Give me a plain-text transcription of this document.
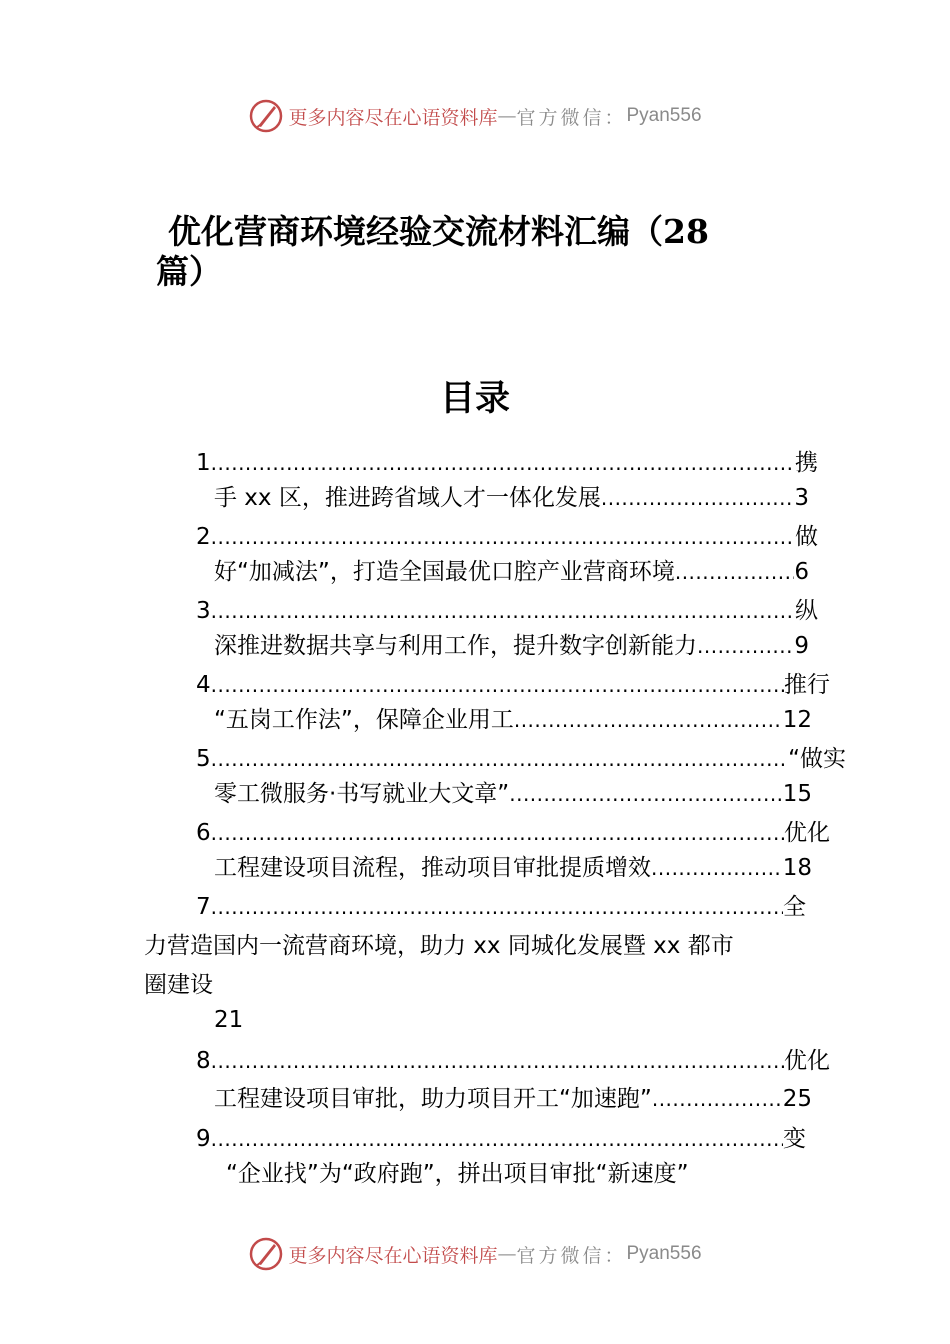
更多内容尽在心语资料库 — 官方微信： Pyan556
优化营商环境经验交流材料汇编（28篇）
目录
1 .....	携
手 xx 区，推进跨省域人才一体化发展 .....	3
2 .....	做
好“加减法”，打造全国最优口腔产业营商环境 .....	6
3 .....	纵
深推进数据共享与利用工作，提升数字创新能力 .....	9
4 .....	推行
“五岗工作法”，保障企业用工 .....	12
5 .....	“做实
零工微服务·书写就业大文章” .....	15
6 .....	优化
工程建设项目流程，推动项目审批提质增效 .....	18
7 .....	全
力营造国内一流营商环境，助力 xx 同城化发展暨 xx 都市
圈建设
21
8 .....	优化
工程建设项目审批，助力项目开工“加速跑” .....	25
9 .....	变
“企业找”为“政府跑”，拼出项目审批“新速度”
更多内容尽在心语资料库 — 官方微信： Pyan556
